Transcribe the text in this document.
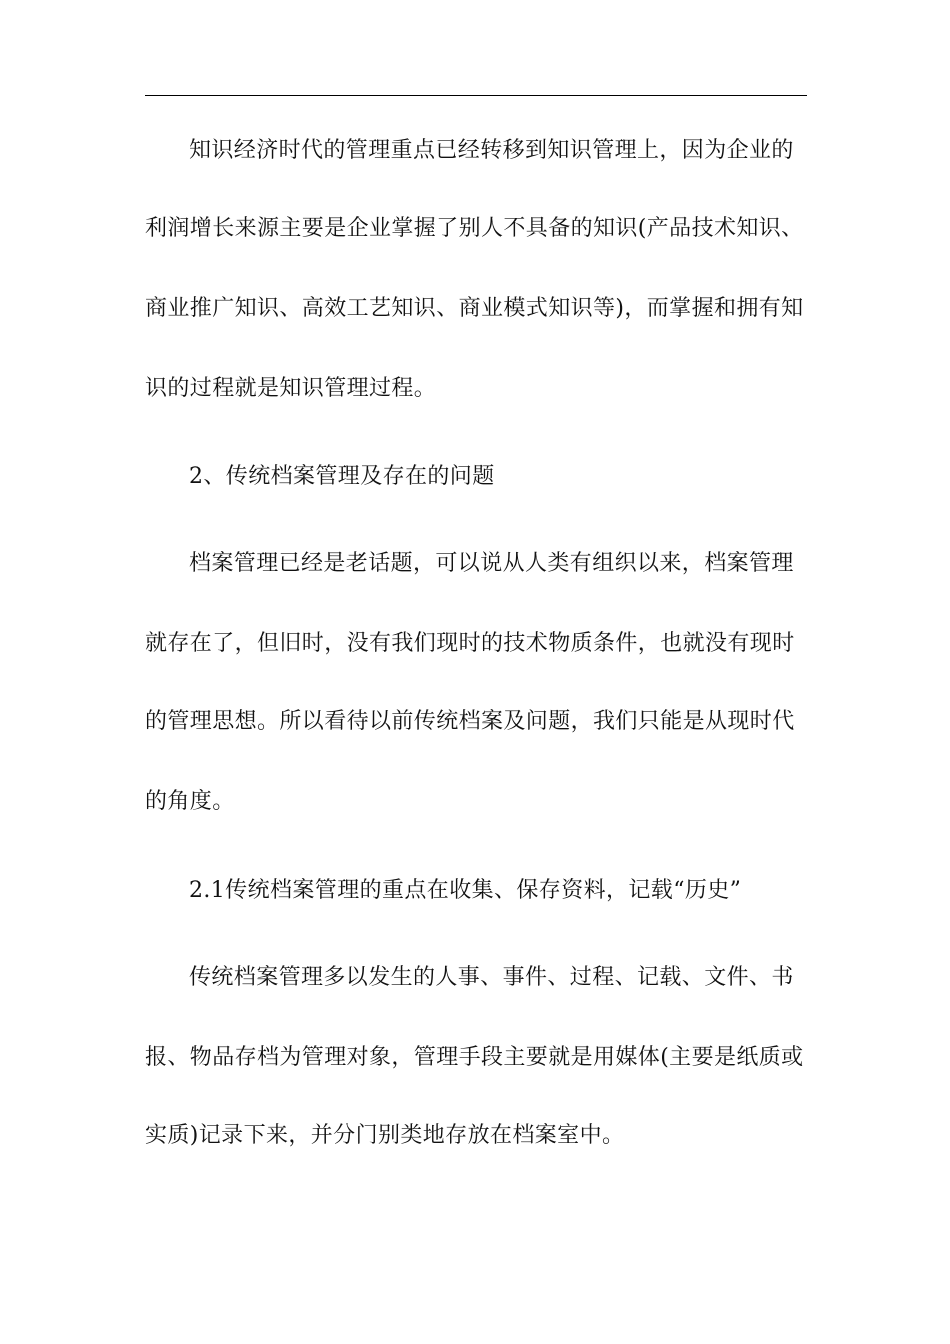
知识经济时代的管理重点已经转移到知识管理上，因为企业的
利润增长来源主要是企业掌握了别人不具备的知识(产品技术知识、
商业推广知识、高效工艺知识、商业模式知识等)，而掌握和拥有知
识的过程就是知识管理过程。
2、传统档案管理及存在的问题
档案管理已经是老话题，可以说从人类有组织以来，档案管理
就存在了，但旧时，没有我们现时的技术物质条件，也就没有现时
的管理思想。所以看待以前传统档案及问题，我们只能是从现时代
的角度。
2.1传统档案管理的重点在收集、保存资料，记载“历史”
传统档案管理多以发生的人事、事件、过程、记载、文件、书
报、物品存档为管理对象，管理手段主要就是用媒体(主要是纸质或
实质)记录下来，并分门别类地存放在档案室中。
